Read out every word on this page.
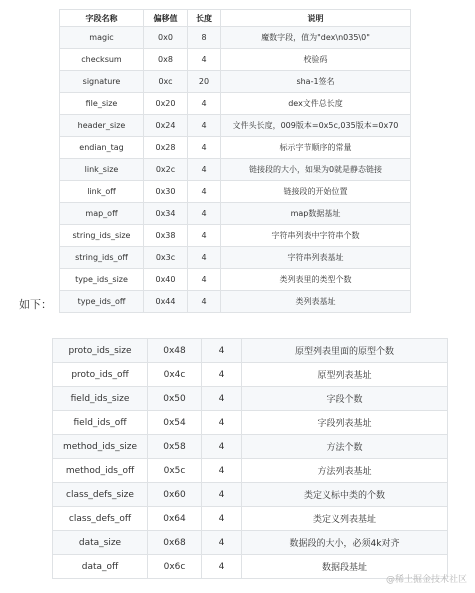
字段名称	偏移值	长度	说明
magic	0x0	8	魔数字段，值为"dex\n035\0"
checksum	0x8	4	校验码
signature	0xc	20	sha-1签名
file_size	0x20	4	dex文件总长度
header_size	0x24	4	文件头长度，009版本=0x5c,035版本=0x70
endian_tag	0x28	4	标示字节顺序的常量
link_size	0x2c	4	链接段的大小，如果为0就是静态链接
link_off	0x30	4	链接段的开始位置
map_off	0x34	4	map数据基址
string_ids_size	0x38	4	字符串列表中字符串个数
string_ids_off	0x3c	4	字符串列表基址
type_ids_size	0x40	4	类列表里的类型个数
type_ids_off	0x44	4	类列表基址
如下：
proto_ids_size	0x48	4	原型列表里面的原型个数
proto_ids_off	0x4c	4	原型列表基址
field_ids_size	0x50	4	字段个数
field_ids_off	0x54	4	字段列表基址
method_ids_size	0x58	4	方法个数
method_ids_off	0x5c	4	方法列表基址
class_defs_size	0x60	4	类定义标中类的个数
class_defs_off	0x64	4	类定义列表基址
data_size	0x68	4	数据段的大小，必须4k对齐
data_off	0x6c	4	数据段基址
@稀土掘金技术社区
